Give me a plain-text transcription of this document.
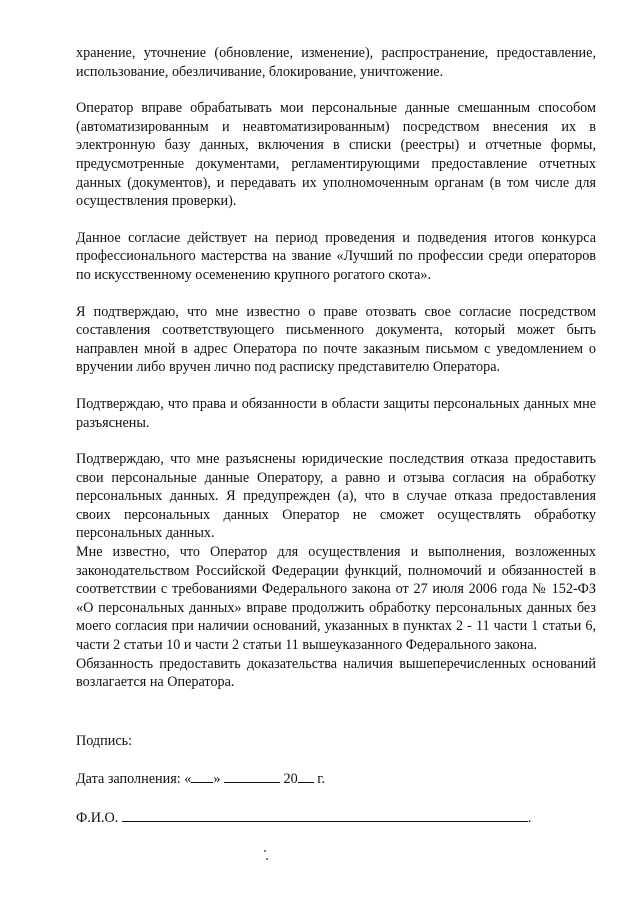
хранение, уточнение (обновление, изменение), распространение, предоставление, использование, обезличивание, блокирование, уничтожение.

Оператор вправе обрабатывать мои персональные данные смешанным способом (автоматизированным и неавтоматизированным) посредством внесения их в электронную базу данных, включения в списки (реестры) и отчетные формы, предусмотренные документами, регламентирующими предоставление отчетных данных (документов), и передавать их уполномоченным органам (в том числе для осуществления проверки).

Данное согласие действует на период проведения и подведения итогов конкурса профессионального мастерства на звание «Лучший по профессии среди операторов по искусственному осеменению крупного рогатого скота».

Я подтверждаю, что мне известно о праве отозвать свое согласие посредством составления соответствующего письменного документа, который может быть направлен мной в адрес Оператора по почте заказным письмом с уведомлением о вручении либо вручен лично под расписку представителю Оператора.

Подтверждаю, что права и обязанности в области защиты персональных данных мне разъяснены.

Подтверждаю, что мне разъяснены юридические последствия отказа предоставить свои персональные данные Оператору, а равно и отзыва согласия на обработку персональных данных. Я предупрежден (а), что в случае отказа предоставления своих персональных данных Оператор не сможет осуществлять обработку персональных данных.

Мне известно, что Оператор для осуществления и выполнения, возложенных законодательством Российской Федерации функций, полномочий и обязанностей в соответствии с требованиями Федерального закона от 27 июля 2006 года № 152-ФЗ «О персональных данных» вправе продолжить обработку персональных данных без моего согласия при наличии оснований, указанных в пунктах 2 - 11 части 1 статьи 6, части 2 статьи 10 и части 2 статьи 11 вышеуказанного Федерального закона.

Обязанность предоставить доказательства наличия вышеперечисленных оснований возлагается на Оператора.

Подпись:

Дата заполнения: « »	20 г.

Ф.И.О.	.
